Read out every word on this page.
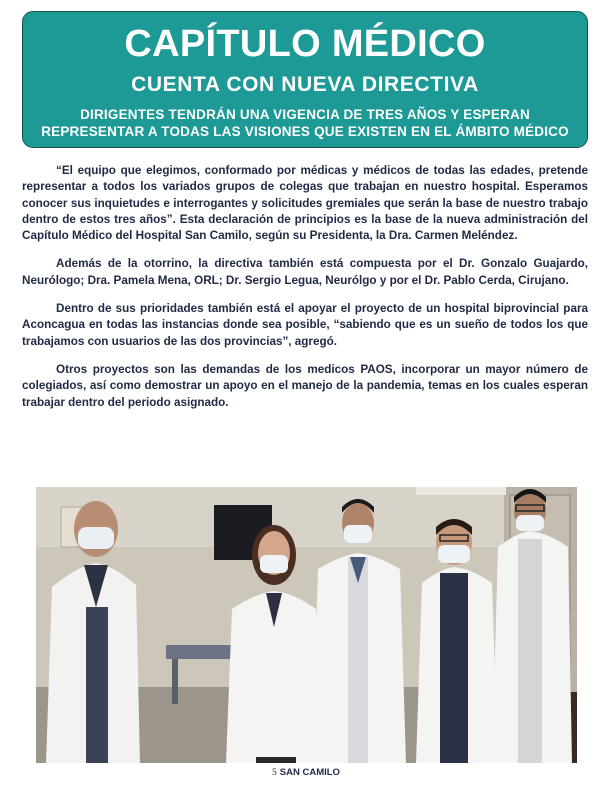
CAPÍTULO MÉDICO
CUENTA CON NUEVA DIRECTIVA
DIRIGENTES TENDRÁN UNA VIGENCIA DE TRES AÑOS Y ESPERAN
REPRESENTAR A TODAS LAS VISIONES QUE EXISTEN EN EL ÁMBITO MÉDICO

“El equipo que elegimos, conformado por médicas y médicos de todas las edades, pretende representar a todos los variados grupos de colegas que trabajan en nuestro hospital. Esperamos conocer sus inquietudes e interrogantes y solicitudes gremiales que serán la base de nuestro trabajo dentro de estos tres años”. Esta declaración de principios es la base de la nueva administración del Capítulo Médico del Hospital San Camilo, según su Presidenta, la Dra. Carmen Meléndez.

Además de la otorrino, la directiva también está compuesta por el Dr. Gonzalo Guajardo, Neurólogo; Dra. Pamela Mena, ORL; Dr. Sergio Legua, Neurólgo y por el Dr. Pablo Cerda, Cirujano.

Dentro de sus prioridades también está el apoyar el proyecto de un hospital biprovincial para Aconcagua en todas las instancias donde sea posible, “sabiendo que es un sueño de todos los que trabajamos con usuarios de las dos provincias”, agregó.

Otros proyectos son las demandas de los medicos PAOS, incorporar un mayor número de colegiados, así como demostrar un apoyo en el manejo de la pandemia, temas en los cuales esperan trabajar dentro del periodo asignado.

5 SAN CAMILO
